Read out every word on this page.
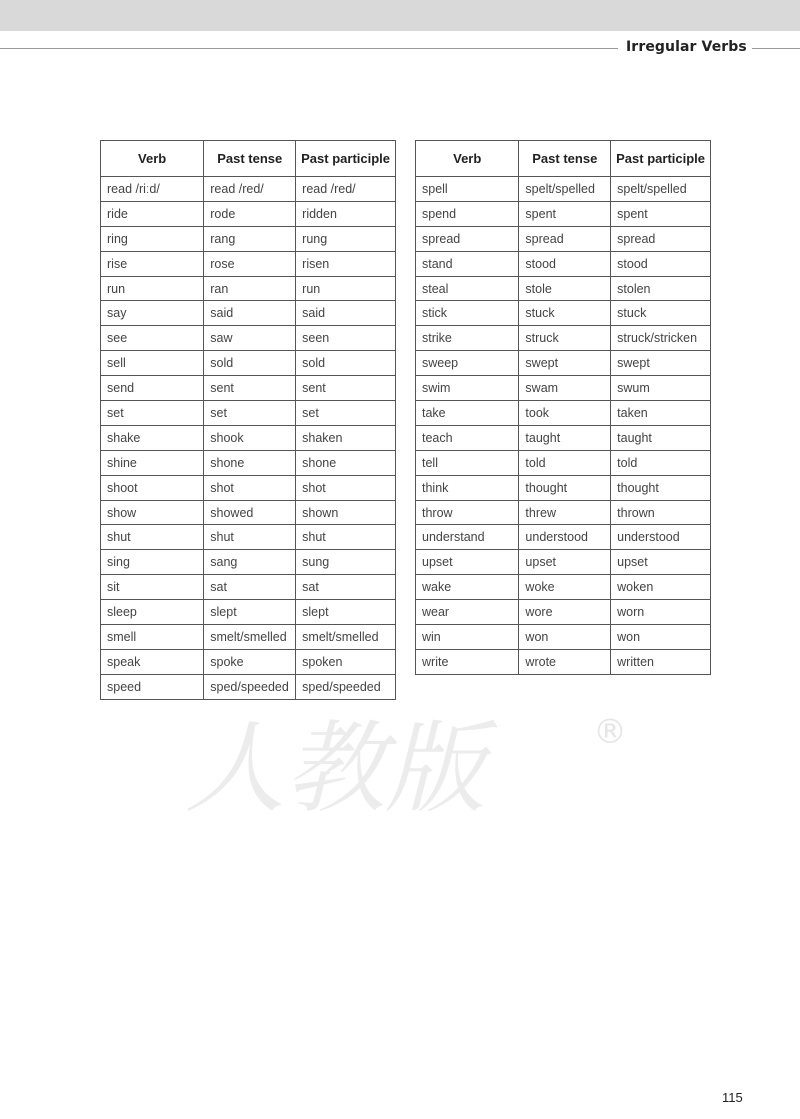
Irregular Verbs
人教版	®
Verb	Past tense	Past participle
read /riːd/	read /red/	read /red/
ride	rode	ridden
ring	rang	rung
rise	rose	risen
run	ran	run
say	said	said
see	saw	seen
sell	sold	sold
send	sent	sent
set	set	set
shake	shook	shaken
shine	shone	shone
shoot	shot	shot
show	showed	shown
shut	shut	shut
sing	sang	sung
sit	sat	sat
sleep	slept	slept
smell	smelt/smelled	smelt/smelled
speak	spoke	spoken
speed	sped/speeded	sped/speeded
Verb	Past tense	Past participle
spell	spelt/spelled	spelt/spelled
spend	spent	spent
spread	spread	spread
stand	stood	stood
steal	stole	stolen
stick	stuck	stuck
strike	struck	struck/stricken
sweep	swept	swept
swim	swam	swum
take	took	taken
teach	taught	taught
tell	told	told
think	thought	thought
throw	threw	thrown
understand	understood	understood
upset	upset	upset
wake	woke	woken
wear	wore	worn
win	won	won
write	wrote	written
115
